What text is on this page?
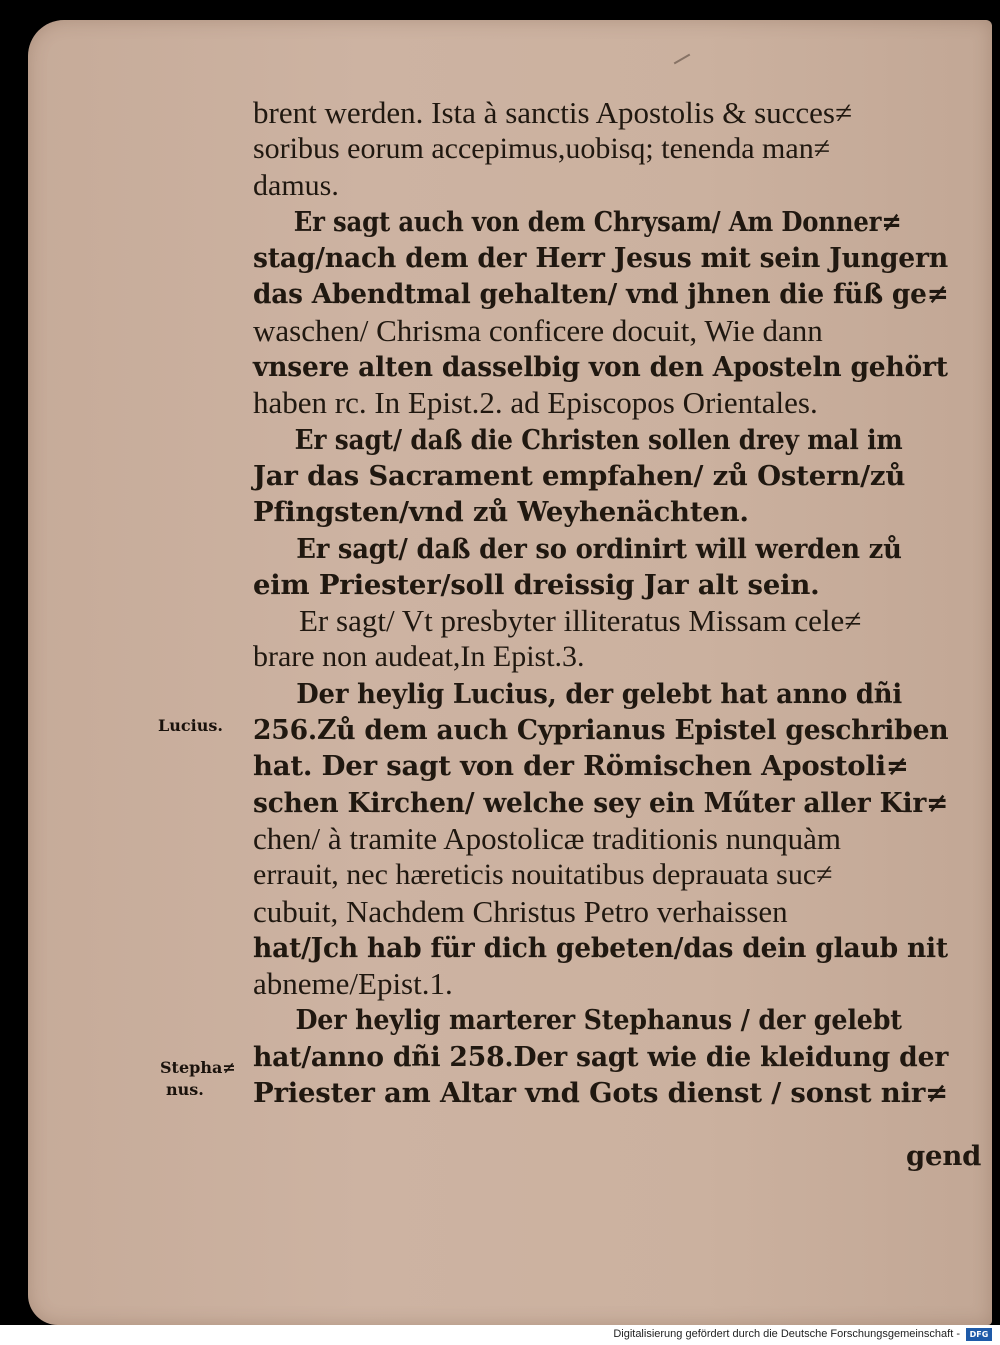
brent werden. Ista à sanctis Apostolis & succes≠
soribus eorum accepimus,uobisq; tenenda man≠
damus.
Er sagt auch von dem Chrysam/ Am Donner≠
stag/nach dem der Herr Jesus mit sein Jungern
das Abendtmal gehalten/ vnd jhnen die füß ge≠
waschen/ Chrisma conficere docuit, Wie dann
vnsere alten dasselbig von den Aposteln gehört
haben rc. In Epist.2. ad Episcopos Orientales.
Er sagt/ daß die Christen sollen drey mal im
Jar das Sacrament empfahen/ zů Ostern/zů
Pfingsten/vnd zů Weyhenächten.
Er sagt/ daß der so ordinirt will werden zů
eim Priester/soll dreissig Jar alt sein.
Er sagt/ Vt presbyter illiteratus Missam cele≠
brare non audeat,In Epist.3.
Der heylig Lucius, der gelebt hat anno dñi
256.Zů dem auch Cyprianus Epistel geschriben
hat. Der sagt von der Römischen Apostoli≠
schen Kirchen/ welche sey ein Műter aller Kir≠
chen/ à tramite Apostolicæ traditionis nunquàm
errauit, nec hæreticis nouitatibus deprauata suc≠
cubuit, Nachdem Christus Petro verhaissen
hat/Jch hab für dich gebeten/das dein glaub nit
abneme/Epist.1.
Der heylig marterer Stephanus / der gelebt
hat/anno dñi 258.Der sagt wie die kleidung der
Priester am Altar vnd Gots dienst / sonst nir≠
Lucius.
Stepha≠
nus.
gend
Digitalisierung gefördert durch die Deutsche Forschungsgemeinschaft -	DFG
